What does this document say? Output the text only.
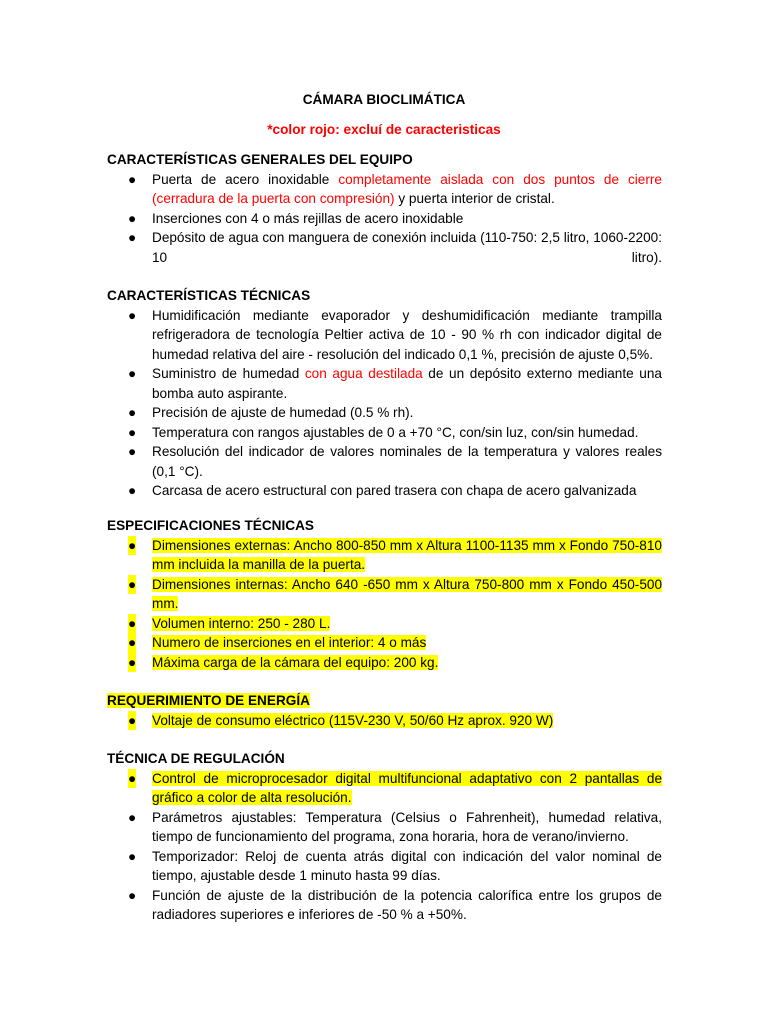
CÁMARA BIOCLIMÁTICA
*color rojo: excluí de caracteristicas
CARACTERÍSTICAS GENERALES DEL EQUIPO
● Puerta de acero inoxidable completamente aislada con dos puntos de cierre (cerradura de la puerta con compresión) y puerta interior de cristal.
● Inserciones con 4 o más rejillas de acero inoxidable
● Depósito de agua con manguera de conexión incluida (110-750: 2,5 litro, 1060-2200: 10 litro).
CARACTERÍSTICAS TÉCNICAS
● Humidificación mediante evaporador y deshumidificación mediante trampilla refrigeradora de tecnología Peltier activa de 10 - 90 % rh con indicador digital de humedad relativa del aire - resolución del indicado 0,1 %, precisión de ajuste 0,5%.
● Suministro de humedad con agua destilada de un depósito externo mediante una bomba auto aspirante.
● Precisión de ajuste de humedad (0.5 % rh).
● Temperatura con rangos ajustables de 0 a +70 °C, con/sin luz, con/sin humedad.
● Resolución del indicador de valores nominales de la temperatura y valores reales (0,1 °C).
● Carcasa de acero estructural con pared trasera con chapa de acero galvanizada
ESPECIFICACIONES TÉCNICAS
● Dimensiones externas: Ancho 800-850 mm x Altura 1100-1135 mm x Fondo 750-810 mm incluida la manilla de la puerta.
● Dimensiones internas: Ancho 640 -650 mm x Altura 750-800 mm x Fondo 450-500 mm.
● Volumen interno: 250 - 280 L.
● Numero de inserciones en el interior: 4 o más
● Máxima carga de la cámara del equipo: 200 kg.
REQUERIMIENTO DE ENERGÍA
● Voltaje de consumo eléctrico (115V-230 V, 50/60 Hz aprox. 920 W)
TÉCNICA DE REGULACIÓN
● Control de microprocesador digital multifuncional adaptativo con 2 pantallas de gráfico a color de alta resolución.
● Parámetros ajustables: Temperatura (Celsius o Fahrenheit), humedad relativa, tiempo de funcionamiento del programa, zona horaria, hora de verano/invierno.
● Temporizador: Reloj de cuenta atrás digital con indicación del valor nominal de tiempo, ajustable desde 1 minuto hasta 99 días.
● Función de ajuste de la distribución de la potencia calorífica entre los grupos de radiadores superiores e inferiores de -50 % a +50%.
